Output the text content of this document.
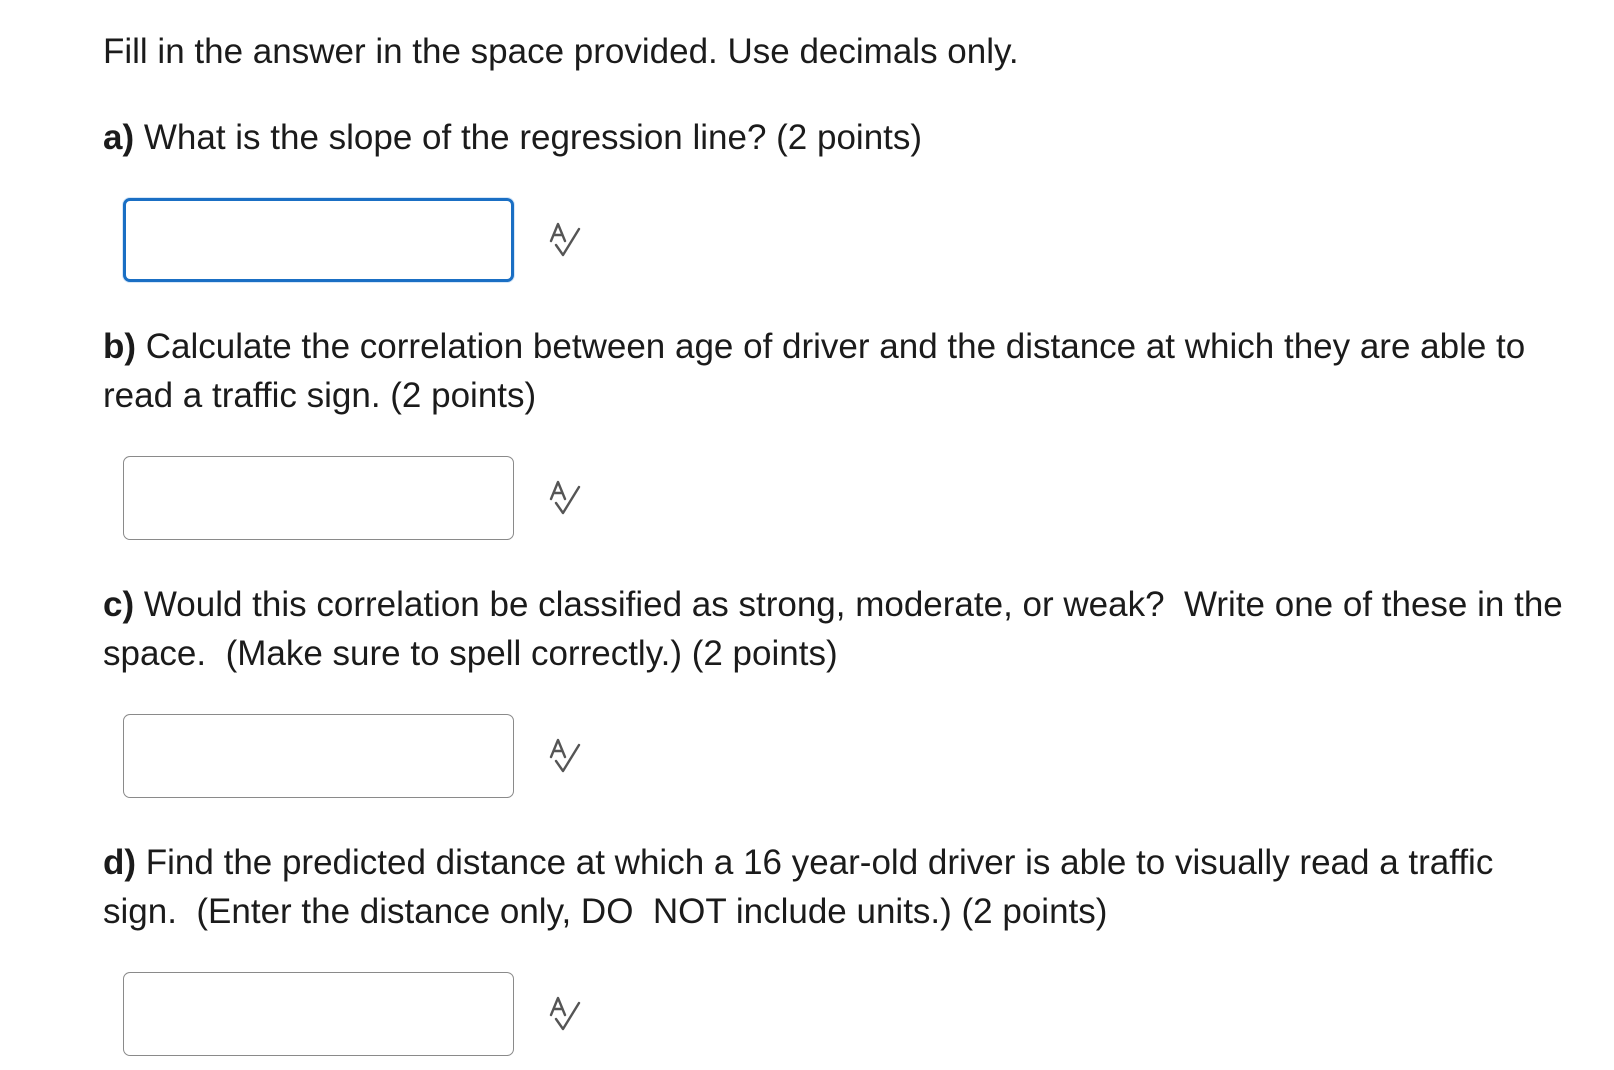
Fill in the answer in the space provided. Use decimals only.

a) What is the slope of the regression line? (2 points)

b) Calculate the correlation between age of driver and the distance at which they are able to read a traffic sign. (2 points)

c) Would this correlation be classified as strong, moderate, or weak?  Write one of these in the space.  (Make sure to spell correctly.) (2 points)

d) Find the predicted distance at which a 16 year-old driver is able to visually read a traffic sign.  (Enter the distance only, DO  NOT include units.) (2 points)
